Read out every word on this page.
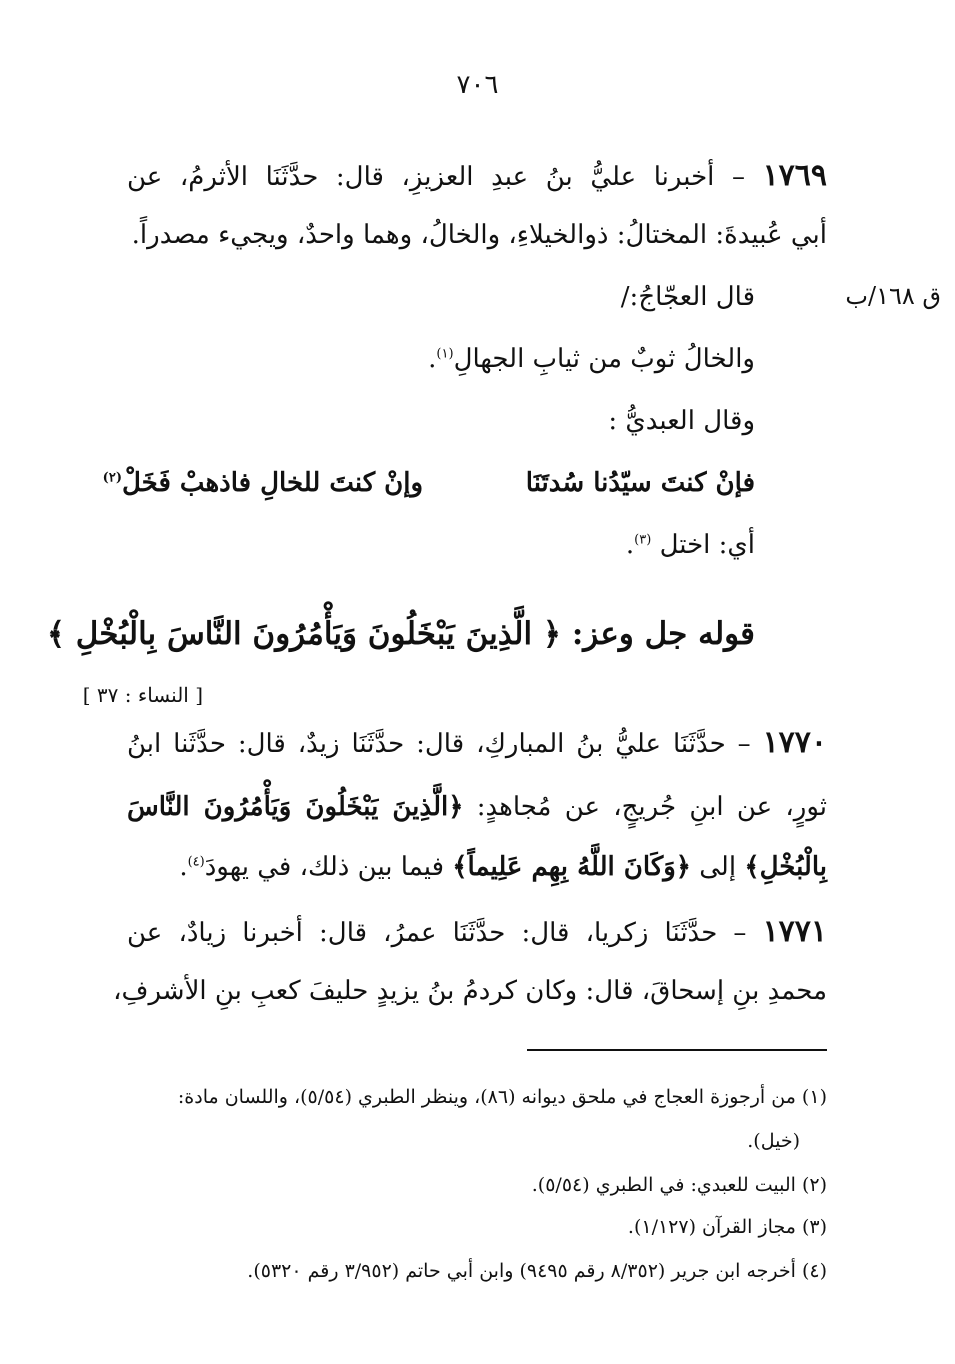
٧٠٦
ق ١٦٨/ب

١٧٦٩ – أخبرنا عليُّ بنُ عبدِ العزيزِ، قال: حدَّثَنَا الأثرمُ، عن

أبي عُبيدةَ: المختالُ: ذوالخيلاءِ، والخالُ، وهما واحدٌ، ويجيء مصدراً.

قال العجّاجُ:/

والخالُ ثوبٌ من ثيابِ الجهالِ$^{(١)}$.

وقال العبديُّ :

فإنْ كنتَ سيّدُنا سُدتَنَا

وإنْ كنتَ للخالِ فاذهبْ فَخَلْ$^{(٢)}$

أي: اختل $^{(٣)}$.

قوله جل وعز: ﴿ الَّذِينَ يَبْخَلُونَ وَيَأْمُرُونَ النَّاسَ بِالْبُخْلِ ﴾

[ النساء : ٣٧ ]

١٧٧٠ – حدَّثَنَا عليُّ بنُ المباركِ، قال: حدَّثَنَا زيدٌ، قال: حدَّثَنا ابنُ

ثورٍ، عن ابنِ جُريجٍ، عن مُجاهدٍ: ﴿الَّذِينَ يَبْخَلُونَ وَيَأْمُرُونَ النَّاسَ

بِالْبُخْلِ﴾ إلى ﴿وَكَانَ اللَّهُ بِهِم عَلِيماً﴾ فيما بين ذلك، في يهودَ$^{(٤)}$.

١٧٧١ – حدَّثَنَا زكريا، قال: حدَّثَنَا عمرُ، قال: أخبرنا زيادٌ، عن

محمدِ بنِ إسحاقَ، قال: وكان كردمُ بنُ يزيدٍ حليفَ كعبِ بنِ الأشرفِ،

(١) من أرجوزة العجاج في ملحق ديوانه (٨٦)، وينظر الطبري (٥/٥٤)، واللسان مادة:

(خيل).

(٢) البيت للعبدي: في الطبري (٥/٥٤).

(٣) مجاز القرآن (١/١٢٧).

(٤) أخرجه ابن جرير (٨/٣٥٢ رقم ٩٤٩٥) وابن أبي حاتم (٣/٩٥٢ رقم ٥٣٢٠).
